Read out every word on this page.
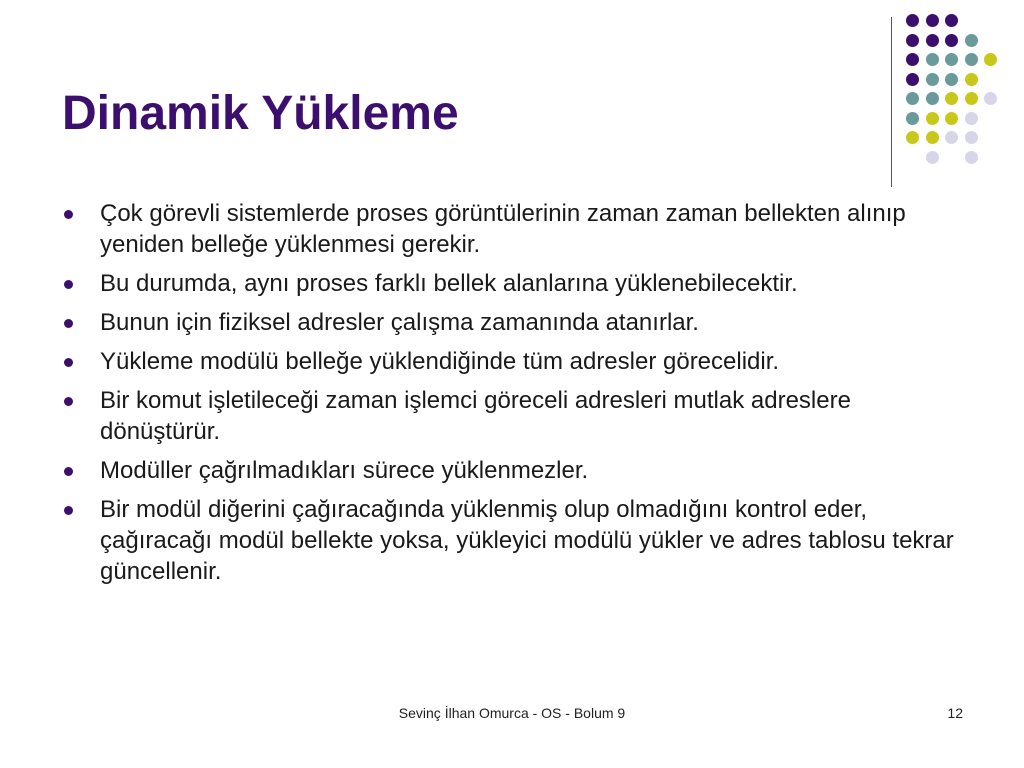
Dinamik Yükleme
Çok görevli sistemlerde proses görüntülerinin zaman zaman bellekten alınıp yeniden belleğe yüklenmesi gerekir.
Bu durumda, aynı proses farklı bellek alanlarına yüklenebilecektir.
Bunun için fiziksel adresler çalışma zamanında atanırlar.
Yükleme modülü belleğe yüklendiğinde tüm adresler görecelidir.
Bir komut işletileceği zaman işlemci göreceli adresleri mutlak adreslere dönüştürür.
Modüller çağrılmadıkları sürece yüklenmezler.
Bir modül diğerini çağıracağında yüklenmiş olup olmadığını kontrol eder, çağıracağı modül bellekte yoksa, yükleyici modülü yükler ve adres tablosu tekrar güncellenir.
Sevinç İlhan Omurca - OS - Bolum 9	12
